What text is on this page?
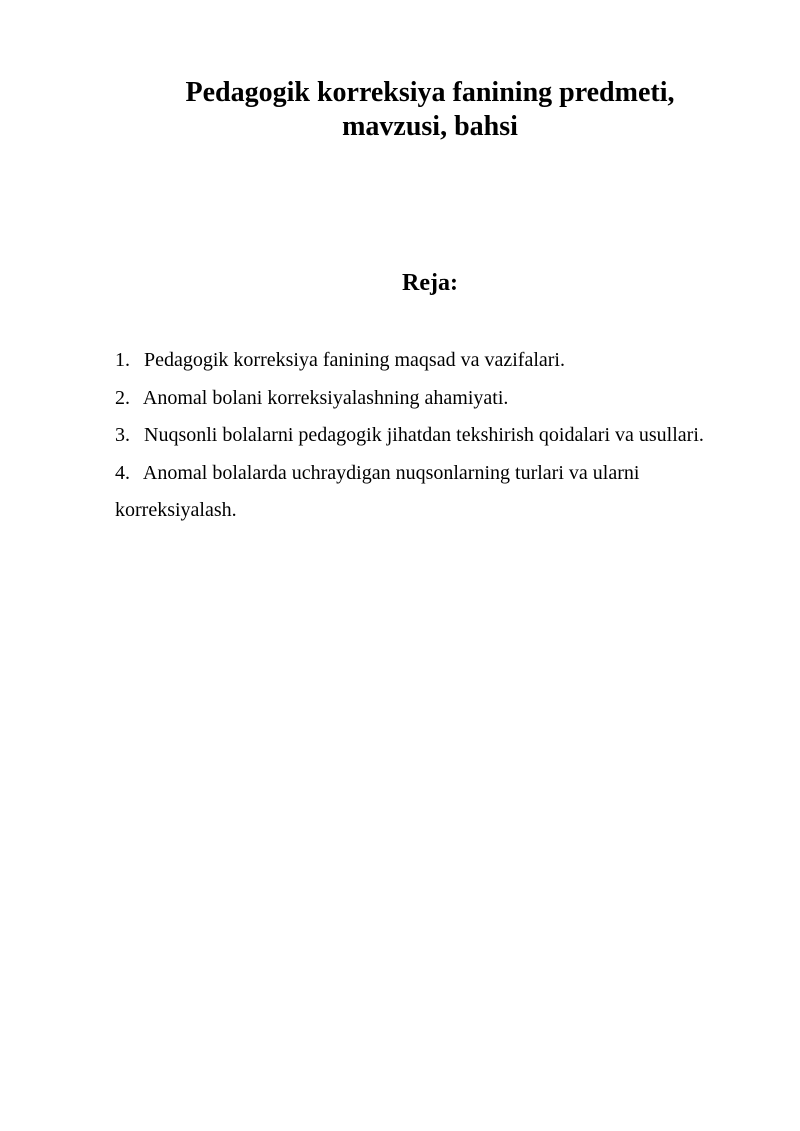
Pedagogik korreksiya fanining predmeti,
mavzusi, bahsi
Reja:
1. Pedagogik korreksiya fanining maqsad va vazifalari.
2. Anomal bolani korreksiyalashning ahamiyati.
3. Nuqsonli bolalarni pedagogik jihatdan tekshirish qoidalari va usullari.
4. Anomal bolalarda uchraydigan nuqsonlarning turlari va ularni korreksiyalash.
